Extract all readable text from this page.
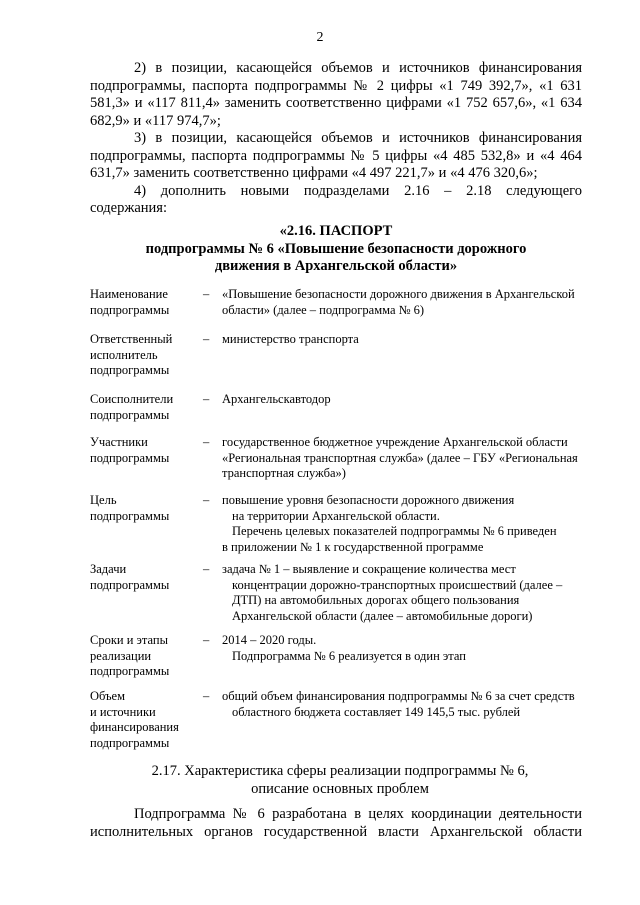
2

2) в позиции, касающейся объемов и источников финансирования подпрограммы, паспорта подпрограммы № 2 цифры «1 749 392,7», «1 631 581,3» и «117 811,4» заменить соответственно цифрами «1 752 657,6», «1 634 682,9» и «117 974,7»;

3) в позиции, касающейся объемов и источников финансирования подпрограммы, паспорта подпрограммы № 5 цифры «4 485 532,8» и «4 464 631,7» заменить соответственно цифрами «4 497 221,7» и «4 476 320,6»;

4) дополнить новыми подразделами 2.16 – 2.18 следующего содержания:

«2.16. ПАСПОРТ
подпрограммы № 6 «Повышение безопасности дорожного
движения в Архангельской области»
Наименование
подпрограммы
– «Повышение безопасности дорожного движения в Архангельской
области» (далее – подпрограмма № 6)
Ответственный
исполнитель
подпрограммы
– министерство транспорта
Соисполнители
подпрограммы
– Архангельскавтодор
Участники
подпрограммы
– государственное бюджетное учреждение Архангельской области
«Региональная транспортная служба» (далее – ГБУ «Региональная
транспортная служба»)
Цель
подпрограммы
– повышение уровня безопасности дорожного движения

на территории Архангельской области.

Перечень целевых показателей подпрограммы № 6 приведен

в приложении № 1 к государственной программе

Задачи
подпрограммы
– задача № 1 – выявление и сокращение количества мест

концентрации дорожно-транспортных происшествий (далее –

ДТП) на автомобильных дорогах общего пользования

Архангельской области (далее – автомобильные дороги)

Сроки и этапы
реализации
подпрограммы
– 2014 – 2020 годы.

Подпрограмма № 6 реализуется в один этап

Объем
и источники
финансирования
подпрограммы
– общий объем финансирования подпрограммы № 6 за счет средств

областного бюджета составляет 149 145,5 тыс. рублей

2.17. Характеристика сферы реализации подпрограммы № 6,
описание основных проблем

Подпрограмма № 6 разработана в целях координации деятельности исполнительных органов государственной власти Архангельской области
